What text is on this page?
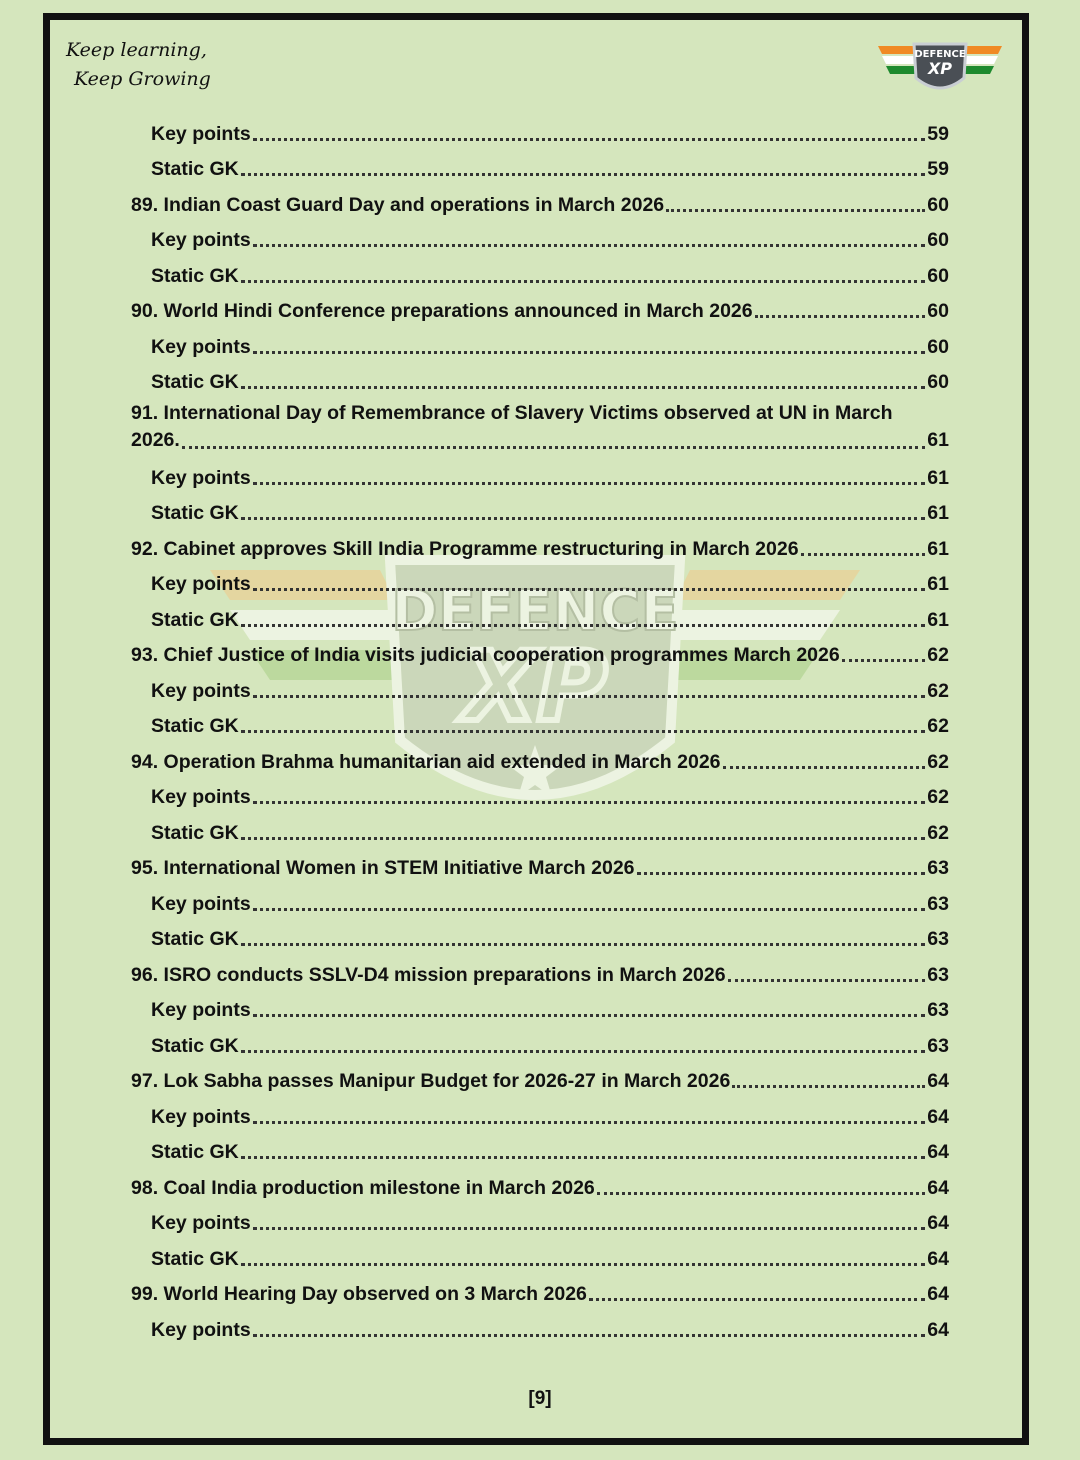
Keep learning,
Keep Growing
DEFENCE
XP
DEFENCE
XP
Key points	59
Static GK	59
89. Indian Coast Guard Day and operations in March 2026	60
Key points	60
Static GK	60
90. World Hindi Conference preparations announced in March 2026	60
Key points	60
Static GK	60
91. International Day of Remembrance of Slavery Victims observed at UN in March
2026.	61
Key points	61
Static GK	61
92. Cabinet approves Skill India Programme restructuring in March 2026	61
Key points	61
Static GK	61
93. Chief Justice of India visits judicial cooperation programmes March 2026	62
Key points	62
Static GK	62
94. Operation Brahma humanitarian aid extended in March 2026	62
Key points	62
Static GK	62
95. International Women in STEM Initiative March 2026	63
Key points	63
Static GK	63
96. ISRO conducts SSLV-D4 mission preparations in March 2026	63
Key points	63
Static GK	63
97. Lok Sabha passes Manipur Budget for 2026-27 in March 2026	64
Key points	64
Static GK	64
98. Coal India production milestone in March 2026	64
Key points	64
Static GK	64
99. World Hearing Day observed on 3 March 2026	64
Key points	64
[9]
